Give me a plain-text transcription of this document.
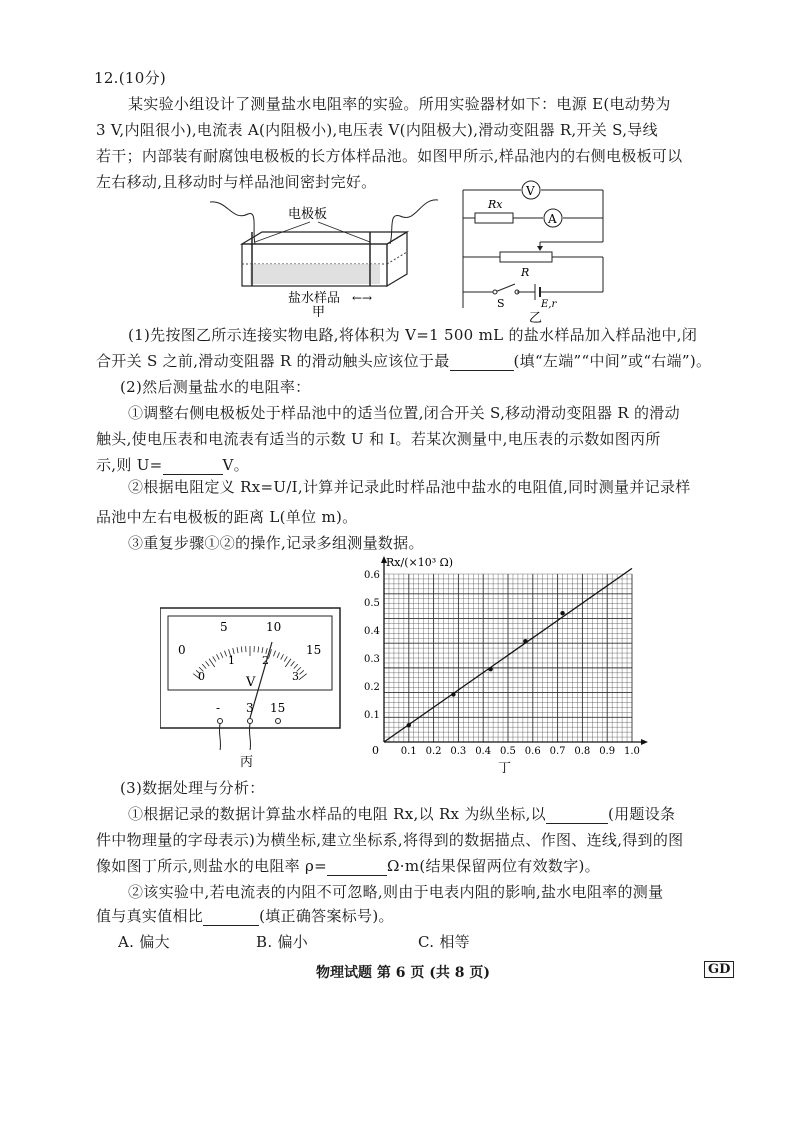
12.(10分)
某实验小组设计了测量盐水电阻率的实验。所用实验器材如下：电源 E(电动势为
3 V,内阻很小),电流表 A(内阻极小),电压表 V(内阻极大),滑动变阻器 R,开关 S,导线
若干；内部装有耐腐蚀电极板的长方体样品池。如图甲所示,样品池内的右侧电极板可以
左右移动,且移动时与样品池间密封完好。
电极板
盐水样品 ←→
甲
V
Rx
A
R
S	E,r
乙
(1)先按图乙所示连接实物电路,将体积为 V=1 500 mL 的盐水样品加入样品池中,闭
合开关 S 之前,滑动变阻器 R 的滑动触头应该位于最	(填“左端”“中间”或“右端”)。
(2)然后测量盐水的电阻率：
①调整右侧电极板处于样品池中的适当位置,闭合开关 S,移动滑动变阻器 R 的滑动
触头,使电压表和电流表有适当的示数 U 和 I。若某次测量中,电压表的示数如图丙所
示,则 U=	V。
②根据电阻定义 Rx=U/I,计算并记录此时样品池中盐水的电阻值,同时测量并记录样
品池中左右电极板的距离 L(单位 m)。
③重复步骤①②的操作,记录多组测量数据。
0
5	10
15
0
1 2
3
V
- 3 15
丙
Rx/(×10³ Ω)
0 0.1 0.2 0.3 0.4 0.5 0.6 0.7 0.8 0.9 1.0
0.1
0.2
0.3
0.4
0.5
0.6
丁
(3)数据处理与分析：
①根据记录的数据计算盐水样品的电阻 Rx,以 Rx 为纵坐标,以	(用题设条
件中物理量的字母表示)为横坐标,建立坐标系,将得到的数据描点、作图、连线,得到的图
像如图丁所示,则盐水的电阻率 ρ=	Ω·m(结果保留两位有效数字)。
②该实验中,若电流表的内阻不可忽略,则由于电表内阻的影响,盐水电阻率的测量
值与真实值相比	(填正确答案标号)。
A. 偏大	B. 偏小	C. 相等
物理试题 第 6 页 (共 8 页)	GD
